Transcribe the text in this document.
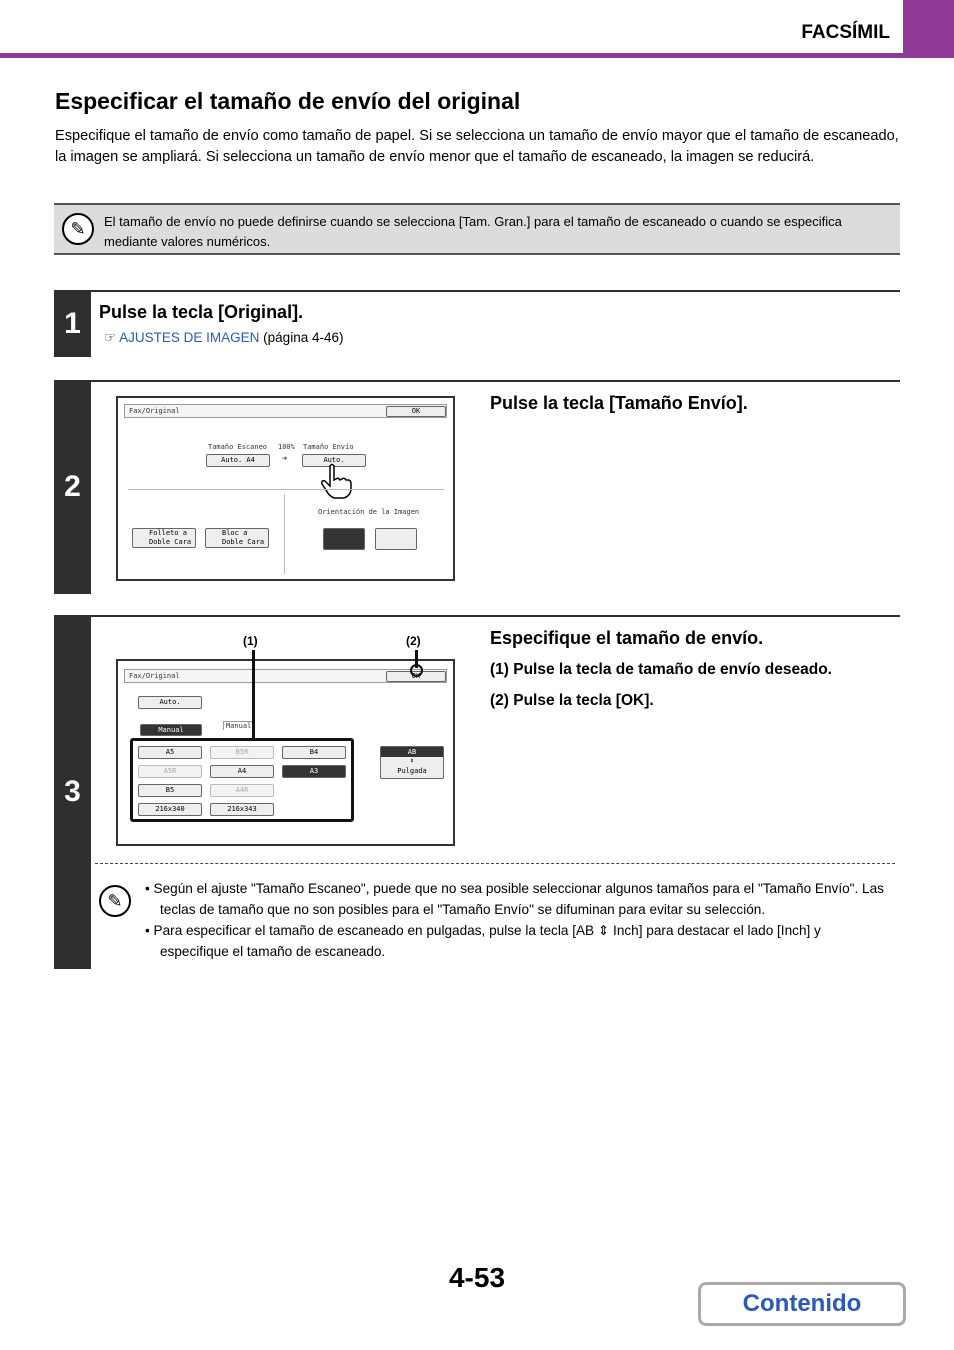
FACSÍMIL
Especificar el tamaño de envío del original
Especifique el tamaño de envío como tamaño de papel. Si se selecciona un tamaño de envío mayor que el tamaño de escaneado, la imagen se ampliará. Si selecciona un tamaño de envío menor que el tamaño de escaneado, la imagen se reducirá.
✎	El tamaño de envío no puede definirse cuando se selecciona [Tam. Gran.] para el tamaño de escaneado o cuando se especifica mediante valores numéricos.
1	Pulse la tecla [Original].
☞ AJUSTES DE IMAGEN (página 4-46)
2
Pulse la tecla [Tamaño Envío].
Fax/Original	OK
Tamaño Escaneo 100% Tamaño Envío
Auto. A4	➔	Auto.
Orientación de la Imagen
Folleto a Doble Cara
Bloc a Doble Cara
3
Especifique el tamaño de envío.
(1) Pulse la tecla de tamaño de envío deseado.
(2) Pulse la tecla [OK].
(1)	(2)
Fax/Original	OK
Auto.
Manual	Manual
A5	B5R	B4
A5R	A4	A3
B5	A4R
216x340	216x343
AB
⬍
Pulgada
✎
• Según el ajuste "Tamaño Escaneo", puede que no sea posible seleccionar algunos tamaños para el "Tamaño Envío". Las teclas de tamaño que no son posibles para el "Tamaño Envío" se difuminan para evitar su selección.
• Para especificar el tamaño de escaneado en pulgadas, pulse la tecla [AB ⇕ Inch] para destacar el lado [Inch] y especifique el tamaño de escaneado.
4-53
Contenido
